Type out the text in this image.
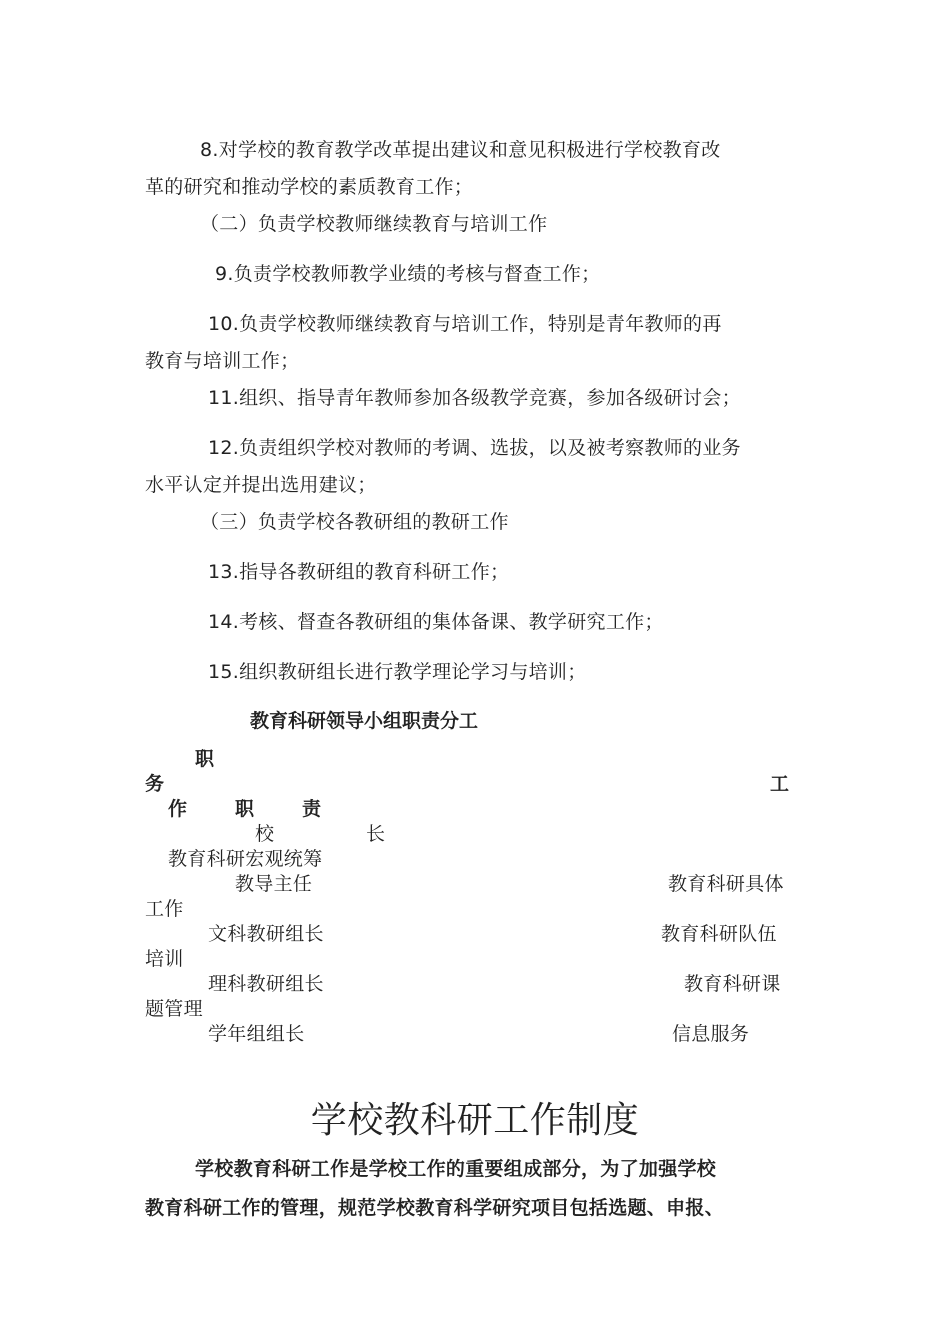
8.对学校的教育教学改革提出建议和意见积极进行学校教育改
革的研究和推动学校的素质教育工作；
（二）负责学校教师继续教育与培训工作
9.负责学校教师教学业绩的考核与督查工作；
10.负责学校教师继续教育与培训工作，特别是青年教师的再
教育与培训工作；
11.组织、指导青年教师参加各级教学竞赛，参加各级研讨会；
12.负责组织学校对教师的考调、选拔，以及被考察教师的业务
水平认定并提出选用建议；
（三）负责学校各教研组的教研工作
13.指导各教研组的教育科研工作；
14.考核、督查各教研组的集体备课、教学研究工作；
15.组织教研组长进行教学理论学习与培训；
教育科研领导小组职责分工
职
务	工
作	职	责
校	长
教育科研宏观统筹
教导主任	教育科研具体
工作
文科教研组长	教育科研队伍
培训
理科教研组长	教育科研课
题管理
学年组组长	信息服务
学校教科研工作制度
学校教育科研工作是学校工作的重要组成部分，为了加强学校
教育科研工作的管理，规范学校教育科学研究项目包括选题、申报、
